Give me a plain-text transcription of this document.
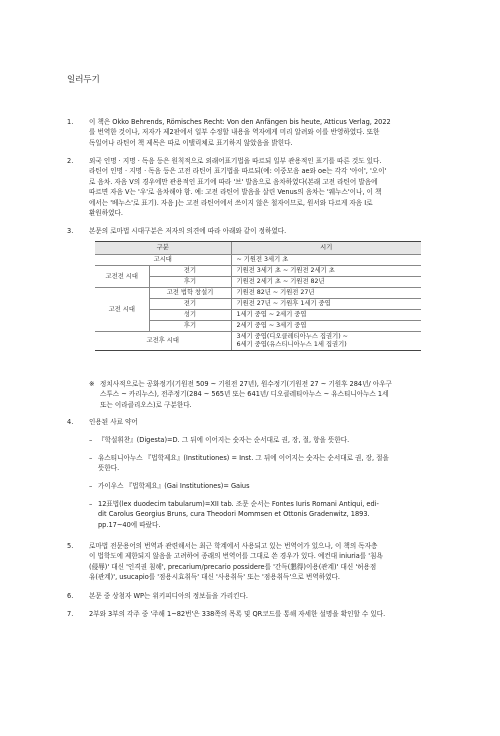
일러두기
1.	이 책은 Okko Behrends, Römisches Recht: Von den Anfängen bis heute, Atticus Verlag, 2022

를 번역한 것이나, 저자가 제2판에서 일부 수정할 내용을 역자에게 미리 알려와 이를 반영하였다. 또한

독일어나 라틴어 책 제목은 따로 이탤릭체로 표기하지 않았음을 밝힌다.

2.	외국 인명 · 지명 · 독음 등은 원칙적으로 외래어표기법을 따르되 일부 관용적인 표기를 따른 것도 있다.

라틴어 인명 · 지명 · 독음 등은 고전 라틴어 표기법을 따르되(예: 이중모음 ae와 oe는 각각 '아이', '오이'

로 음차. 자음 V의 경우에만 관용적인 표기에 따라 '브' 발음으로 음차하였다(본래 고전 라틴어 발음에

따르면 자음 V는 '우'로 음차해야 함. 예: 고전 라틴어 발음을 살린 Venus의 음차는 '웨누스'이나, 이 책

에서는 '베누스'로 표기). 자음 J는 고전 라틴어에서 쓰이지 않은 철자이므로, 원서와 다르게 자음 I로

환원하였다.

3.	본문의 로마법 시대구분은 저자의 의견에 따라 아래와 같이 정하였다.

구분		시기
고시대		~ 기원전 3세기 초
고전전 시대	전기	기원전 3세기 초 ~ 기원전 2세기 초
	후기	기원전 2세기 초 ~ 기원전 82년
고전 시대	고전 법학 창설기	기원전 82년 ~ 기원전 27년
	전기	기원전 27년 ~ 기원후 1세기 중엽
	성기	1세기 중엽 ~ 2세기 중엽
	후기	2세기 중엽 ~ 3세기 중엽
고전후 시대		3세기 중엽(디오클레티아누스 집권기) ~
6세기 중엽(유스티니아누스 1세 집권기)
※ 정치사적으로는 공화정기(기원전 509 ~ 기원전 27년), 원수정기(기원전 27 ~ 기원후 284년/ 아우구
스투스 ~ 카리누스), 전주정기(284 ~ 565년 또는 641년/ 디오클레티아누스 ~ 유스티니아누스 1세
또는 이라클리오스)로 구분한다.
4.	인용된 사료 약어

– 『학설휘찬』(Digesta)=D. 그 뒤에 이어지는 숫자는 순서대로 권, 장, 절, 항을 뜻한다.
– 유스티니아누스 『법학제요』(Institutiones) = Inst. 그 뒤에 이어지는 숫자는 순서대로 권, 장, 절을
뜻한다.
– 가이우스 『법학제요』(Gai Institutiones)= Gaius
– 12표법(lex duodecim tabularum)=XII tab. 조문 순서는 Fontes Iuris Romani Antiqui, edi-
dit Carolus Georgius Bruns, cura Theodori Mommsen et Ottonis Gradenwitz, 1893.
pp.17~40에 따랐다.
5.	로마법 전문용어의 번역과 관련해서는 최근 학계에서 사용되고 있는 번역어가 있으나, 이 책의 독자층

이 법학도에 제한되지 않음을 고려하여 종래의 번역어를 그대로 쓴 경우가 있다. 예컨대 iniuria를 '침욕

(侵辱)' 대신 '인격권 침해', precarium/precario possidere를 '간득(懇得)이용(관계)' 대신 '허용점

유(관계)', usucapio를 '점용시효취득' 대신 '사용취득' 또는 '점용취득'으로 번역하였다.

6.	본문 중 상첨자 WP는 위키피디아의 정보들을 가리킨다.

7.	2부와 3부의 각주 중 '주해 1~82번'은 338쪽의 목록 및 QR코드를 통해 자세한 설명을 확인할 수 있다.
